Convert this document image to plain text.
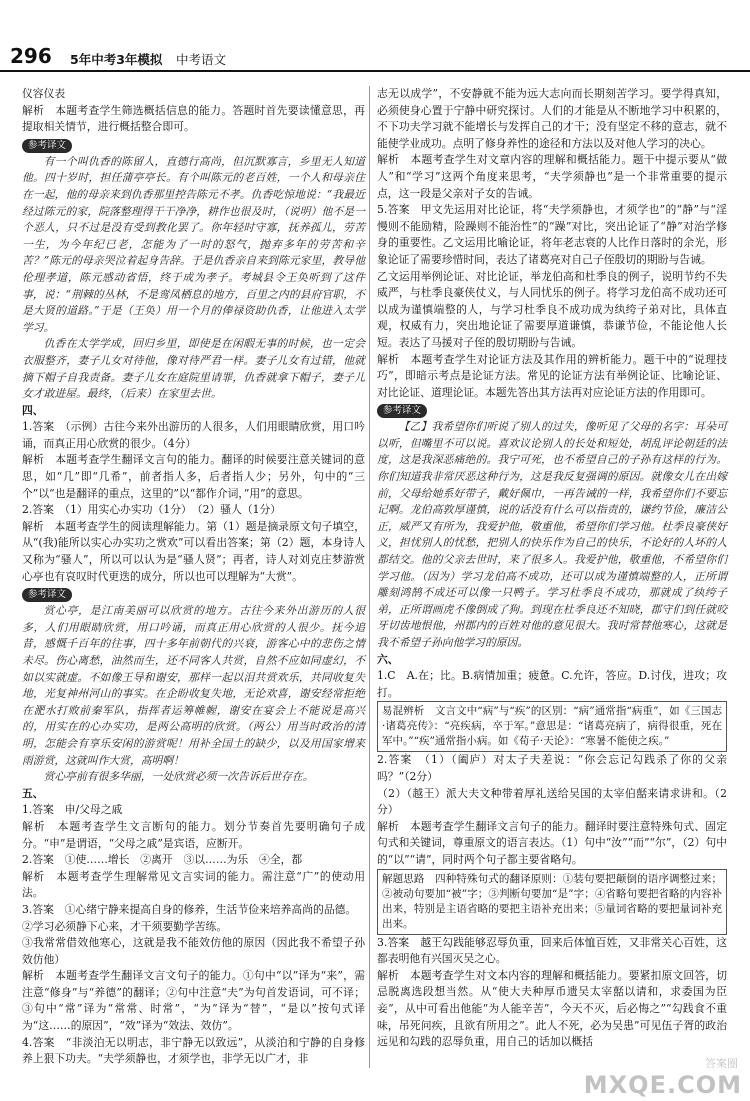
296 5年中考3年模拟 中考语文

仪容仪表

解析　本题考查学生筛选概括信息的能力。答题时首先要读懂意思，再提取相关情节，进行概括整合即可。

参考译文

有一个叫仇香的陈留人，直德行高尚，但沉默寡言，乡里无人知道他。四十岁时，担任蒲亭亭长。有个叫陈元的老百姓，一个人和母亲住在一起，他的母亲来到仇香那里控告陈元不孝。仇香吃惊地说：“我最近经过陈元的家，院落整理得干干净净，耕作也很及时，（说明）他不是一个恶人，只不过是没有受到教化罢了。你年轻时守寡，抚养孤儿，劳苦一生，为今年纪已老，怎能为了一时的怒气，抛弃多年的劳苦和辛苦？”陈元的母亲哭泣着起身告辞。于是仇香亲自来到陈元家里，教导他伦理孝道，陈元感动省悟，终于成为孝子。考城县令王奂听到了这件事，说：“荆棘的丛林，不是鸾凤栖息的地方，百里之内的县府官职，不是大贤的道路。”于是（王奂）用一个月的俸禄资助仇香，让他进入太学学习。

仇香在太学学成，回归乡里，即使是在闲暇无事的时候，也一定会衣服整齐，妻子儿女对待他，像对待严君一样。妻子儿女有过错，他就摘下帽子自我责备。妻子儿女在庭院里请罪，仇香就拿下帽子，妻子儿女才敢进屋。最终，（后来）在家里去世。

四、

1.答案　（示例）古往今来外出游历的人很多，人们用眼睛欣赏，用口吟诵，而真正用心欣赏的很少。（4分）

解析　本题考查学生翻译文言句的能力。翻译的时候要注意关键词的意思，如“几”即“几希”，前者指人多，后者指人少；另外，句中的“三个”以“也是翻译的重点，这里的”以“都作介词，”用”的意思。

2.答案　（1）用实心办实功（1分）　（2）骚人（1分）

解析　本题考查学生的阅读理解能力。第（1）题是摘录原文句子填空，从“(我)能所以实心办实功之赏欢”可以看出答案；第（2）题，本身诗人又称为“骚人”，所以可以认为是“骚人贤”；再者，诗人对刘克庄梦游赏心亭也有哀叹时代更迭的成分，所以也可以理解为“大赏”。

参考译文

赏心亭，是江南美丽可以欣赏的地方。古往今来外出游历的人很多，人们用眼睛欣赏，用口吟诵，而真正用心欣赏的人很少。抚今追昔，感慨千百年的往事，四十多年前朝代的兴衰，游客心中的悲伤之情未尽。伤心离愁，油然而生，还不同客人共赏，自然不应如同虚幻，不如以实就虚。不如像王导和谢安，那样一起以泪共赏欢乐，共同收复失地，光复神州河山的事实。在企盼收复失地，无论欢喜，谢安经常拒绝在淝水打败前秦军队，指挥者运筹帷幄，谢安在宴会上不能说是高兴的，用实在的心办实功，是两公高明的欣赏。（两公）用当时政治的清明，怎能会有享乐安闲的游赏呢！用补全国土的缺少，以及用国家增来雨游赏，这就叫作大赏，高明啊！

赏心亭前有很多华丽，一处欣赏必须一次告诉后世存在。

五、

1.答案　申/父母之戚

解析　本题考查学生文言断句的能力。划分节奏首先要明确句子成分。“申”是谓语，“父母之戚”是宾语，应断开。

2.答案　①使……增长　②离开　③以……为乐　④全，都

解析　本题考查学生理解常见文言实词的能力。需注意“广”的使动用法。

3.答案　①心绪宁静来提高自身的修养，生活节俭来培养高尚的品德。

②学习必须静下心来，才干须要勤学苦练。

③我常常借效他寒心，这就是我不能效仿他的原因（因此我不希望子孙效仿他）

解析　本题考查学生翻译文言文句子的能力。①句中“以”译为“来”，需注意“修身”与“养德”的翻译；②句中注意“夫”为句首发语词，可不译；③句中“常”译为“常常、时常”，“为”译为“替”，“是以”按句式译为“这……的原因”，“效”译为“效法、效仿”。

4.答案　“非淡泊无以明志，非宁静无以致远”，从淡泊和宁静的自身修养上狠下功夫。“夫学须静也，才须学也，非学无以广才，非

志无以成学”，不安静就不能为远大志向而长期刻苦学习。要学得真知，必须使身心置于宁静中研究探讨。人们的才能是从不断地学习中积累的，不下功夫学习就不能增长与发挥自己的才干；没有坚定不移的意志，就不能使学业成功。点明了修身养性的途径和方法以及对他人学习的决心。

解析　本题考查学生对文章内容的理解和概括能力。题干中提示要从“做人”和“学习”这两个角度来思考，“夫学须静也”是一个非常重要的提示点，这一段是父亲对子女的告诫。

5.答案　甲文先运用对比论证，将“夫学须静也，才须学也”的“静”与“淫慢则不能励精，险躁则不能治性”的“躁”对比，突出论证了“静”对治学修身的重要性。乙文运用比喻论证，将年老志衰的人比作日落时的余光，形象论证了需要珍惜时间，表达了诸葛亮对自己子侄殷切的期盼与告诫。

乙文运用举例论证、对比论证，举龙伯高和杜季良的例子，说明节约不失威严，与杜季良豪侠仗义，与人同忧乐的例子。将学习龙伯高不成功还可以成为谨慎端整的人，与学习杜季良不成功成为纨绔子弟对比，具体直观，权威有力，突出地论证了需要厚道谦慎，恭谦节俭，不能论他人长短。表达了马援对子侄的殷切期盼与告诫。

解析　本题考查学生对论证方法及其作用的辨析能力。题干中的“说理技巧”，即暗示考点是论证方法。常见的论证方法有举例论证、比喻论证、对比论证、道理论证。本题先答出其方法再对应论证方法的作用即可。

参考译文

【乙】我希望你们听说了别人的过失，像听见了父母的名字：耳朵可以听，但嘴里不可以说。喜欢议论别人的长处和短处，胡乱评论朝廷的法度，这是我深恶痛绝的。我宁可死，也不希望自己的子孙有这样的行为。你们知道我非常厌恶这种行为，这是我反复强调的原因。就像女儿在出嫁前，父母给她系好带子，戴好佩巾，一再告诫的一样，我希望你们不要忘记啊。龙伯高敦厚谨慎，说的话没有什么可以指责的，谦约节俭，廉洁公正，威严又有所为，我爱护他，敬重他，希望你们学习他。杜季良豪侠好义，担忧别人的忧愁，把别人的快乐作为自己的快乐，不论好的人坏的人都结交。他的父亲去世时，来了很多人。我爱护他，敬重他，不希望你们学习他。（因为）学习龙伯高不成功，还可以成为谨慎端整的人，正所谓雕刻鸿鹄不成还可以像一只鸭子。学习杜季良不成功，那就成了纨绔子弟，正所谓画虎不像倒成了狗。到现在杜季良还不知晓，郡守们到任就咬牙切齿地恨他，州郡内的百姓对他的意见很大。我时常替他寒心，这就是我不希望子孙向他学习的原因。

六、

1.C　A.在；比。B.病情加重；疲惫。C.允许，答应。D.讨伐，进攻；攻打。

易混辨析　文言文中“病”与“疾”的区别：“病”通常指“病重”，如《三国志·诸葛亮传》：“亮疾病，卒于军。”意思是：“诸葛亮病了，病得很重，死在军中。”“疾”通常指小病。如《荀子·天论》：“寒暑不能使之疾。”

2.答案　（1）（阖庐）对太子夫差说：“你会忘记勾践杀了你的父亲吗？”（2分）

（2）（越王）派大夫文种带着厚礼送给吴国的太宰伯嚭来请求讲和。（2分）

解析　本题考查学生翻译文言句子的能力。翻译时要注意特殊句式、固定句式和关键词，尊重原文的语言表达。（1）句中“汝”“而”“尔”，（2）句中的“以”“请”，同时两个句子都主要省略句。

解题思路　四种特殊句式的翻译原则：①装句要把颠倒的语序调整过来；②被动句要加“被”字；③判断句要加“是”字；④省略句要把省略的内容补出来，特别是主语省略的要把主语补充出来；⑤量词省略的要把量词补充出来。

3.答案　越王勾践能够忍辱负重，回来后体恤百姓，又非常关心百姓，这都表明他有兴国灭吴之心。

解析　本题考查学生对文本内容的理解和概括能力。要紧扣原文回答，切忌脱离选段想当然。从“使大夫种厚币遗吴太宰嚭以请和，求委国为臣妾”，从中可看出他能“为人能辛苦”，今天不灭，后必悔之”“勾践食不重味，吊死问疾，且欲有所用之”。此人不死，必为吴患”可见伍子胥的政治远见和勾践的忍辱负重，用自己的话加以概括

答案圈
MXQE.COM
